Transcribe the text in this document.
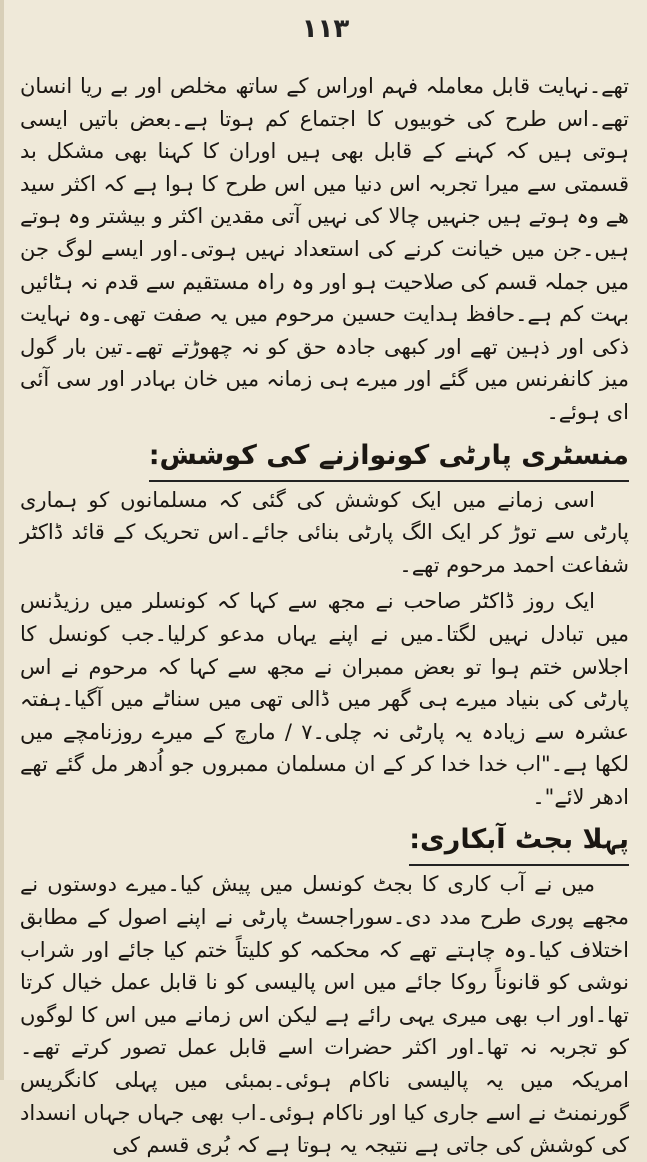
١١٣

تھے۔نہایت قابل معاملہ فہم اوراس کے ساتھ مخلص اور بے ریا انسان تھے۔اس طرح کی خوبیوں کا اجتماع کم ہوتا ہے۔بعض باتیں ایسی ہوتی ہیں کہ کہنے کے قابل بھی ہیں اوران کا کہنا بھی مشکل بد قسمتی سے میرا تجربہ اس دنیا میں اس طرح کا ہوا ہے کہ اکثر سید ھے وہ ہوتے ہیں جنہیں چالا کی نہیں آتی مقدین اکثر و بیشتر وہ ہوتے ہیں۔جن میں خیانت کرنے کی استعداد نہیں ہوتی۔اور ایسے لوگ جن میں جملہ قسم کی صلاحیت ہو اور وہ راہ مستقیم سے قدم نہ ہٹائیں بہت کم ہے۔حافظ ہدایت حسین مرحوم میں یہ صفت تھی۔وہ نہایت ذکی اور ذہین تھے اور کبھی جادہ حق کو نہ چھوڑتے تھے۔تین بار گول میز کانفرنس میں گئے اور میرے ہی زمانہ میں خان بہادر اور سی آئی ای ہوئے۔

منسٹری پارٹی کونوازنے کی کوشش:

اسی زمانے میں ایک کوشش کی گئی کہ مسلمانوں کو ہماری پارٹی سے توڑ کر ایک الگ پارٹی بنائی جائے۔اس تحریک کے قائد ڈاکٹر شفاعت احمد مرحوم تھے۔

ایک روز ڈاکٹر صاحب نے مجھ سے کہا کہ کونسلر میں رزیڈنس میں تبادل نہیں لگتا۔میں نے اپنے یہاں مدعو کرلیا۔جب کونسل کا اجلاس ختم ہوا تو بعض ممبران نے مجھ سے کہا کہ مرحوم نے اس پارٹی کی بنیاد میرے ہی گھر میں ڈالی تھی میں سناٹے میں آگیا۔ہفتہ عشرہ سے زیادہ یہ پارٹی نہ چلی۔۷ / مارچ کے میرے روزنامچے میں لکھا ہے۔"اب خدا خدا کر کے ان مسلمان ممبروں جو اُدھر مل گئے تھے ادھر لائے"۔

پہلا بجٹ آبکاری:

میں نے آب کاری کا بجٹ کونسل میں پیش کیا۔میرے دوستوں نے مجھے پوری طرح مدد دی۔سوراجسٹ پارٹی نے اپنے اصول کے مطابق اختلاف کیا۔وہ چاہتے تھے کہ محکمہ کو کلیتاً ختم کیا جائے اور شراب نوشی کو قانوناً روکا جائے میں اس پالیسی کو نا قابل عمل خیال کرتا تھا۔اور اب بھی میری یہی رائے ہے لیکن اس زمانے میں اس کا لوگوں کو تجربہ نہ تھا۔اور اکثر حضرات اسے قابل عمل تصور کرتے تھے۔امریکہ میں یہ پالیسی ناکام ہوئی۔بمبئی میں پہلی کانگریس گورنمنٹ نے اسے جاری کیا اور ناکام ہوئی۔اب بھی جہاں جہاں انسداد کی کوشش کی جاتی ہے نتیجہ یہ ہوتا ہے کہ بُری قسم کی
